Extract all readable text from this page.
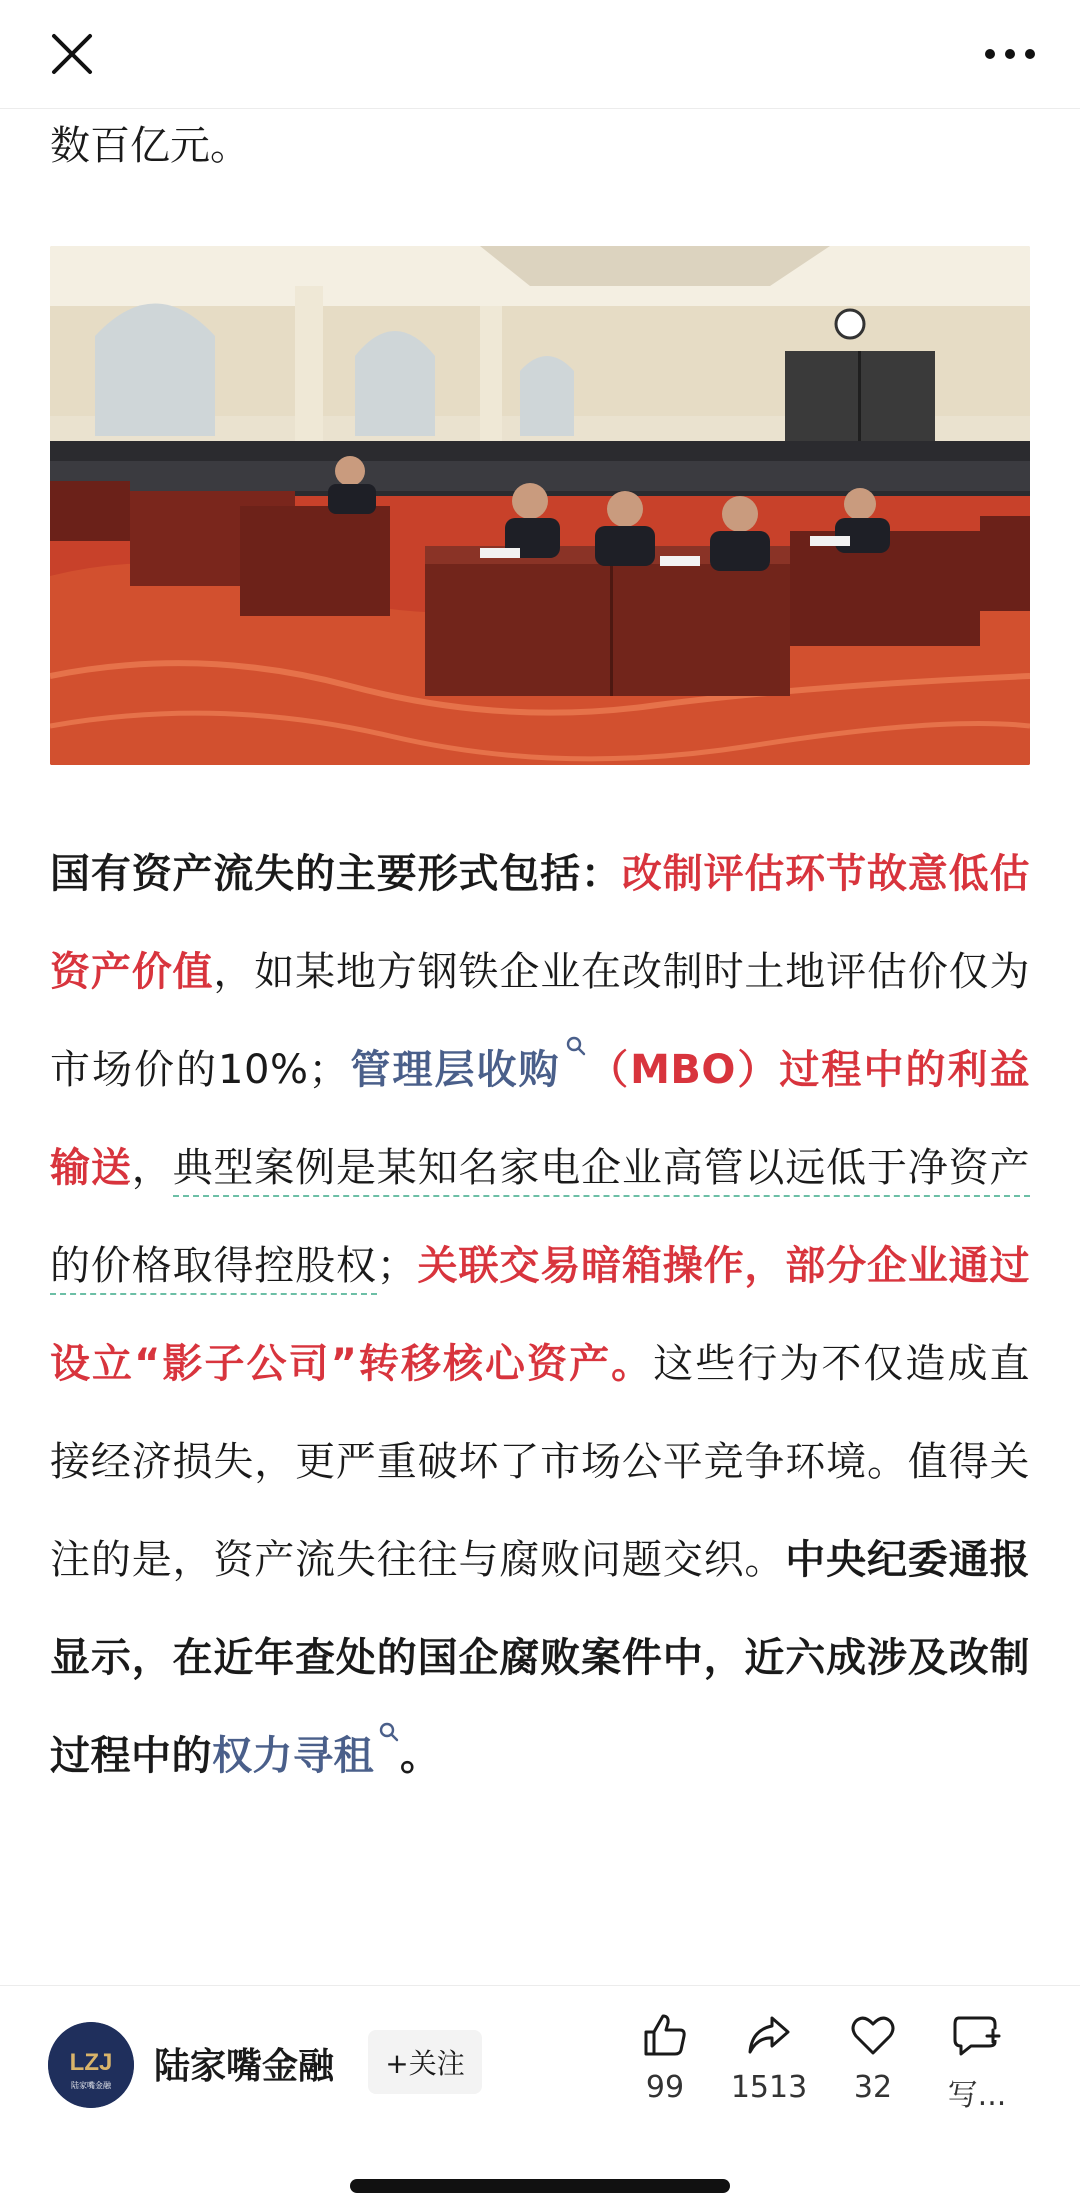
数百亿元。
国有资产流失的主要形式包括：改制评估环节故意低估资产价值，如某地方钢铁企业在改制时土地评估价仅为市场价的10%；管理层收购 （MBO）过程中的利益输送，典型案例是某知名家电企业高管以远低于净资产的价格取得控股权；关联交易暗箱操作，部分企业通过设立“影子公司”转移核心资产。这些行为不仅造成直接经济损失，更严重破坏了市场公平竞争环境。值得关注的是，资产流失往往与腐败问题交织。中央纪委通报显示，在近年查处的国企腐败案件中，近六成涉及改制过程中的权力寻租 。
LZJ
陆家嘴金融 陆家嘴金融	+关注
99	1513	32	写...
